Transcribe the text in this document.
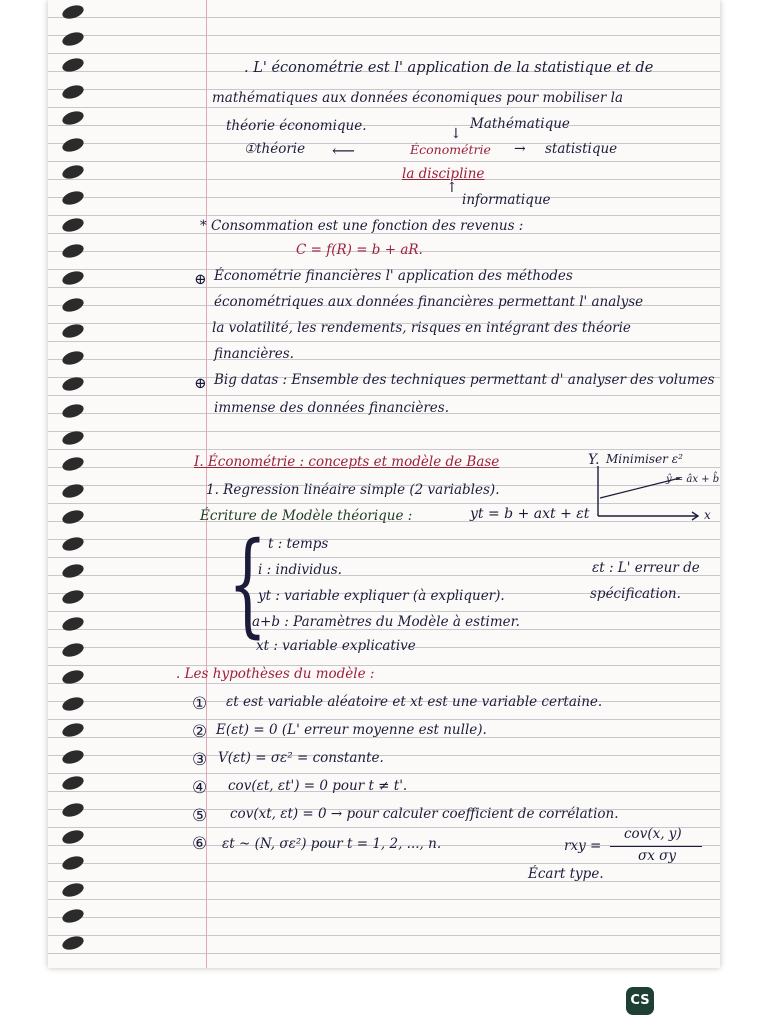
. L' économétrie est l' application de la statistique et de
mathématiques aux données économiques pour mobiliser la
théorie économique.	Mathématique
↓
①théorie ⟵	Économétrie → statistique
la discipline
↑
informatique
* Consommation est une fonction des revenus :
C = f(R) = b + aR.
⊕ Économétrie financières l' application des méthodes
économétriques aux données financières permettant l' analyse
la volatilité, les rendements, risques en intégrant des théorie
financières.
⊕ Big datas : Ensemble des techniques permettant d' analyser des volumes
immense des données financières.
I. Économétrie : concepts et modèle de Base
1. Regression linéaire simple (2 variables).
Écriture de Modèle théorique :	yt = b + axt + εt
Y. Minimiser ε²
ŷ = âx + b̂
x
{ t : temps
i : individus.
yt : variable expliquer (à expliquer).
a+b : Paramètres du Modèle à estimer.
xt : variable explicative
εt : L' erreur de
spécification.
. Les hypothèses du modèle :
① εt est variable aléatoire et xt est une variable certaine.
② E(εt) = 0 (L' erreur moyenne est nulle).
③ V(εt) = σε² = constante.
④ cov(εt, εt') = 0 pour t ≠ t'.
⑤ cov(xt, εt) = 0 → pour calculer coefficient de corrélation.
⑥ εt ~ (N, σε²) pour t = 1, 2, ..., n.	rxy =
cov(x, y)
σx σy
Écart type.
CS
